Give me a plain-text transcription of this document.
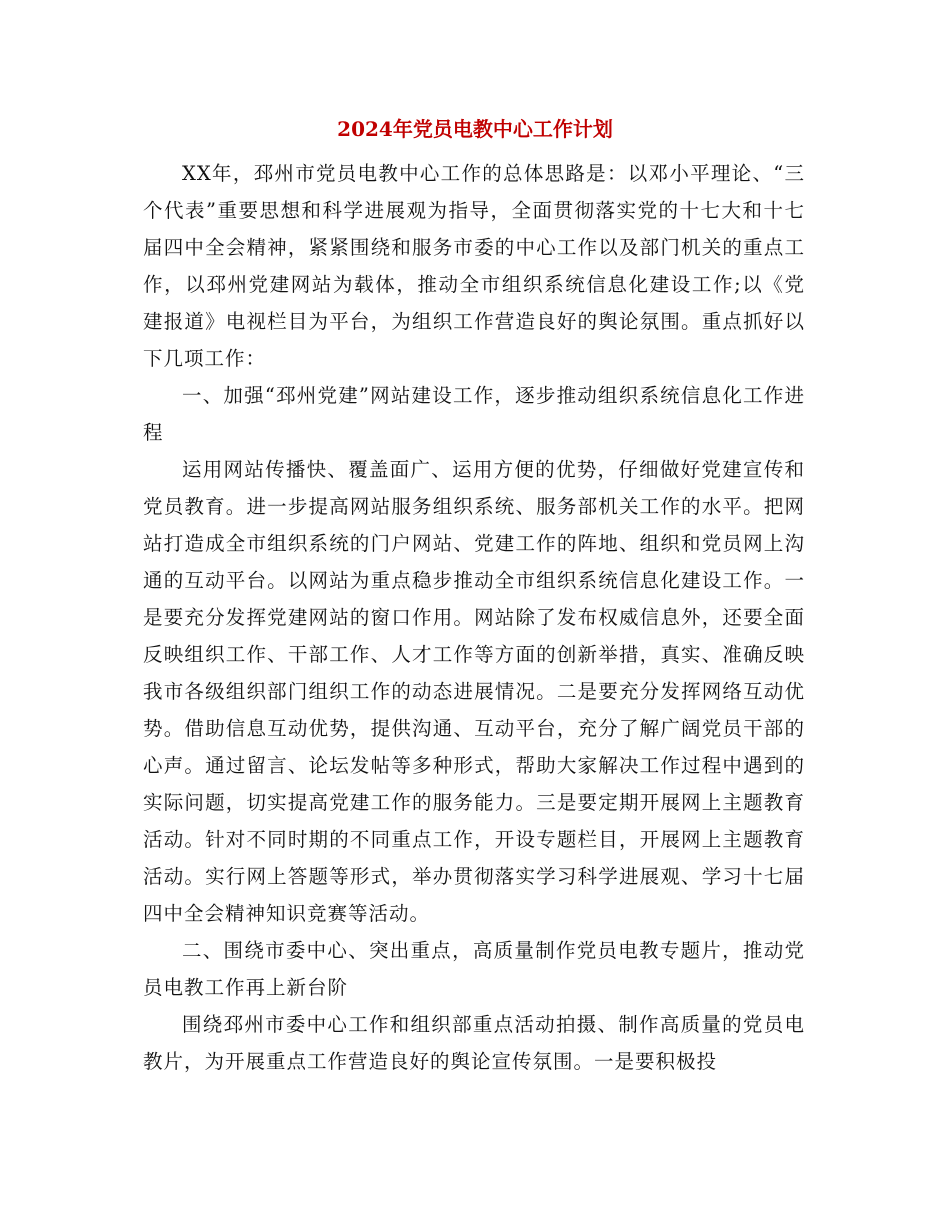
2024年党员电教中心工作计划

XX年，邳州市党员电教中心工作的总体思路是：以邓小平理论、“三个代表”重要思想和科学进展观为指导，全面贯彻落实党的十七大和十七届四中全会精神，紧紧围绕和服务市委的中心工作以及部门机关的重点工作，以邳州党建网站为载体，推动全市组织系统信息化建设工作;以《党建报道》电视栏目为平台，为组织工作营造良好的舆论氛围。重点抓好以下几项工作：

一、加强“邳州党建”网站建设工作，逐步推动组织系统信息化工作进程

运用网站传播快、覆盖面广、运用方便的优势，仔细做好党建宣传和党员教育。进一步提高网站服务组织系统、服务部机关工作的水平。把网站打造成全市组织系统的门户网站、党建工作的阵地、组织和党员网上沟通的互动平台。以网站为重点稳步推动全市组织系统信息化建设工作。一是要充分发挥党建网站的窗口作用。网站除了发布权威信息外，还要全面反映组织工作、干部工作、人才工作等方面的创新举措，真实、准确反映我市各级组织部门组织工作的动态进展情况。二是要充分发挥网络互动优势。借助信息互动优势，提供沟通、互动平台，充分了解广阔党员干部的心声。通过留言、论坛发帖等多种形式，帮助大家解决工作过程中遇到的实际问题，切实提高党建工作的服务能力。三是要定期开展网上主题教育活动。针对不同时期的不同重点工作，开设专题栏目，开展网上主题教育活动。实行网上答题等形式，举办贯彻落实学习科学进展观、学习十七届四中全会精神知识竞赛等活动。

二、围绕市委中心、突出重点，高质量制作党员电教专题片，推动党员电教工作再上新台阶

围绕邳州市委中心工作和组织部重点活动拍摄、制作高质量的党员电教片，为开展重点工作营造良好的舆论宣传氛围。一是要积极投
